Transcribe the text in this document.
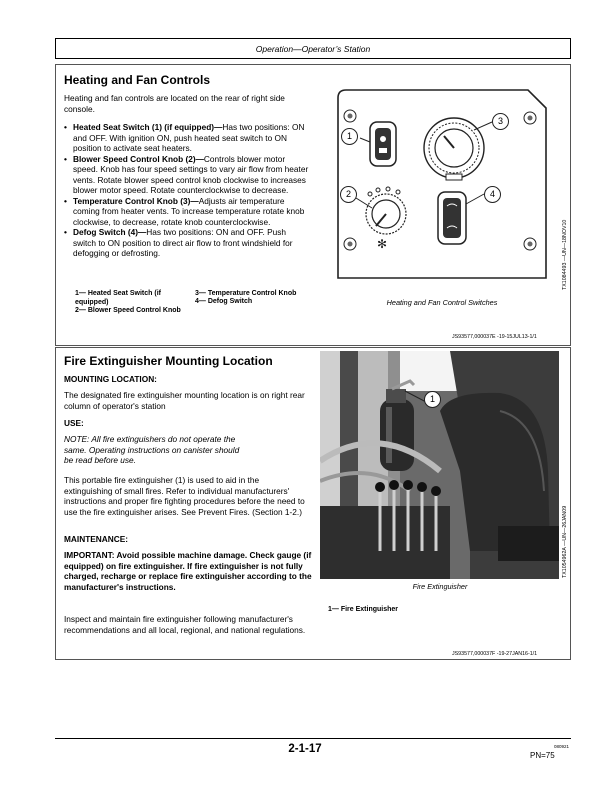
Operation—Operator’s Station
Heating and Fan Controls
Heating and fan controls are located on the rear of right side console.
• Heated Seat Switch (1) (if equipped)—Has two positions: ON and OFF. With ignition ON, push heated seat switch to ON position to activate seat heaters.
• Blower Speed Control Knob (2)—Controls blower motor speed. Knob has four speed settings to vary air flow from heater vents. Rotate blower speed control knob clockwise to increases blower motor speed. Rotate counterclockwise to decrease.
• Temperature Control Knob (3)—Adjusts air temperature coming from heater vents. To increase temperature rotate knob clockwise, to decrease, rotate knob counterclockwise.
• Defog Switch (4)—Has two positions: ON and OFF. Push switch to ON position to direct air flow to front windshield for defogging or defrosting.
1— Heated Seat Switch (if equipped)
2— Blower Speed Control Knob
3— Temperature Control Knob
4— Defog Switch
✻
1
2
3
4
TX1084493 —UN—18NOV10
Heating and Fan Control Switches
JS93577,000037E -19-15JUL13-1/1
Fire Extinguisher Mounting Location
MOUNTING LOCATION:
The designated fire extinguisher mounting location is on right rear column of operator's station
USE:
NOTE: All fire extinguishers do not operate the same. Operating instructions on canister should be read before use.
This portable fire extinguisher (1) is used to aid in the extinguishing of small fires. Refer to individual manufacturers' instructions and proper fire fighting procedures before the need to use the fire extinguisher arises. See Prevent Fires. (Section 1-2.)
MAINTENANCE:
IMPORTANT: Avoid possible machine damage. Check gauge (if equipped) on fire extinguisher. If fire extinguisher is not fully charged, recharge or replace fire extinguisher according to the manufacturer's instructions.
Inspect and maintain fire extinguisher following manufacturer's recommendations and all local, regional, and national regulations.
1
TX1054962A —UN—26JAN09
Fire Extinguisher
1— Fire Extinguisher
JS93577,000037F -19-27JAN16-1/1
2-1-17	080921
PN=75
